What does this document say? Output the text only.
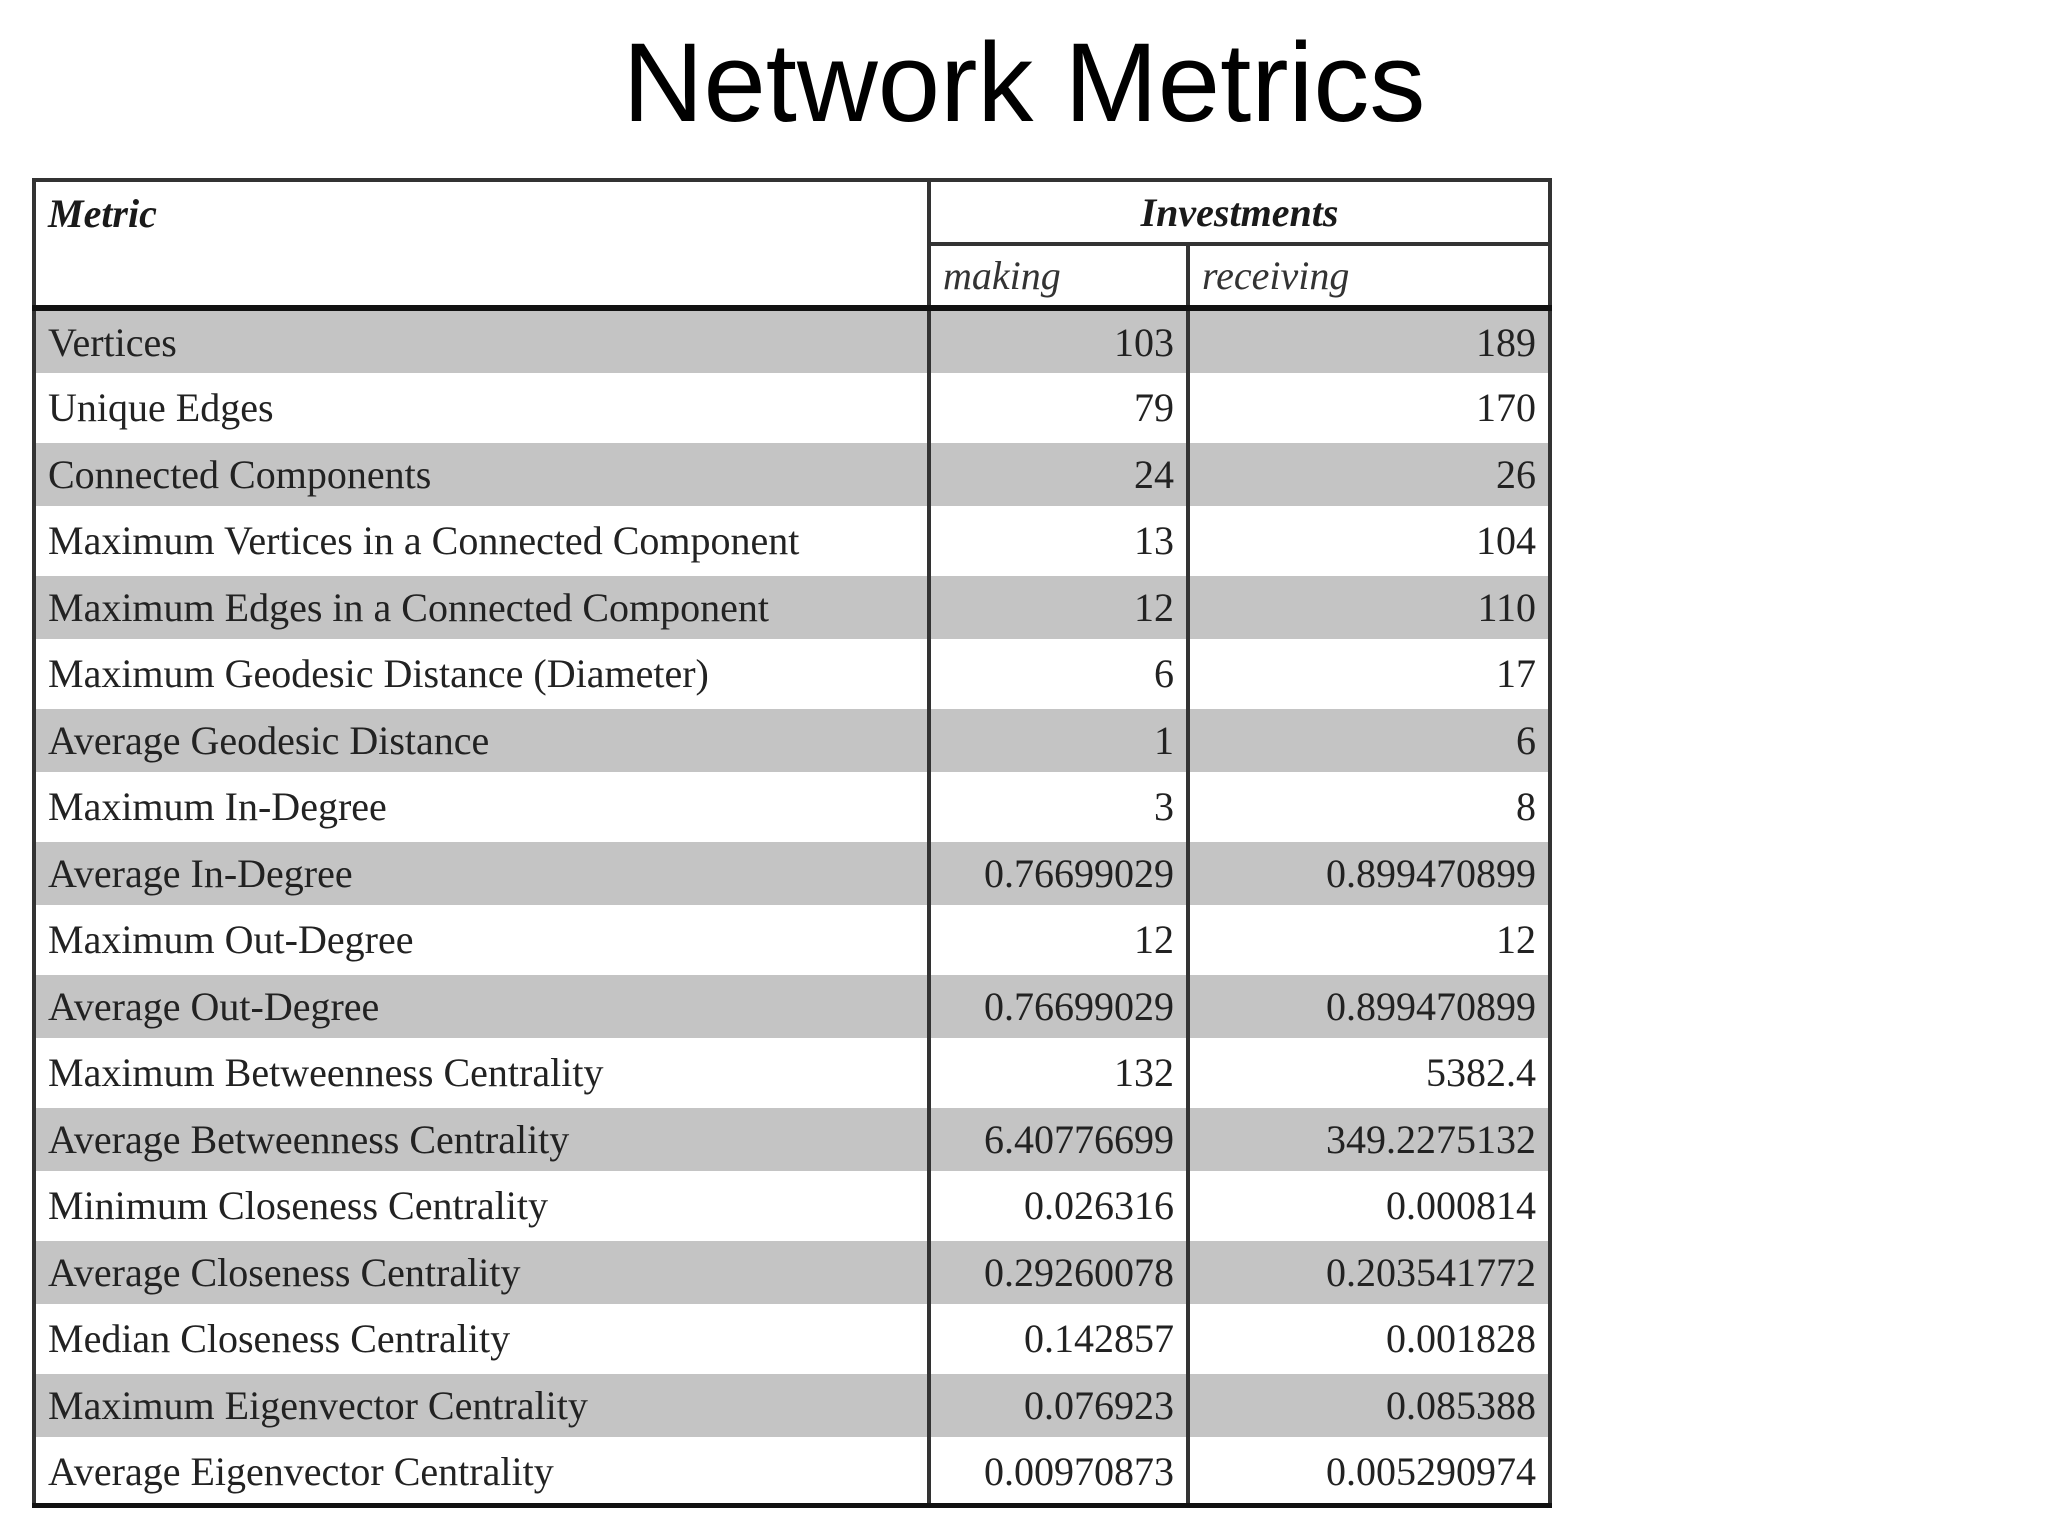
Network Metrics
Metric	Investments	
	making	receiving
Vertices	103	189
Unique Edges	79	170
Connected Components	24	26
Maximum Vertices in a Connected Component	13	104
Maximum Edges in a Connected Component	12	110
Maximum Geodesic Distance (Diameter)	6	17
Average Geodesic Distance	1	6
Maximum In-Degree	3	8
Average In-Degree	0.76699029	0.899470899
Maximum Out-Degree	12	12
Average Out-Degree	0.76699029	0.899470899
Maximum Betweenness Centrality	132	5382.4
Average Betweenness Centrality	6.40776699	349.2275132
Minimum Closeness Centrality	0.026316	0.000814
Average Closeness Centrality	0.29260078	0.203541772
Median Closeness Centrality	0.142857	0.001828
Maximum Eigenvector Centrality	0.076923	0.085388
Average Eigenvector Centrality	0.00970873	0.005290974
